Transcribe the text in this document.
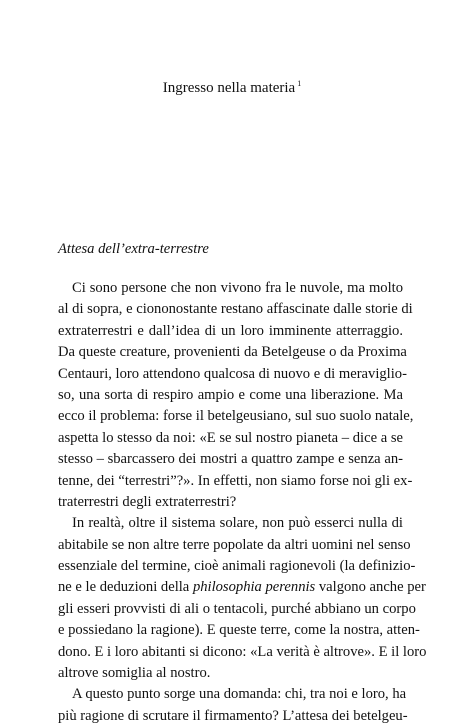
Ingresso nella materia $^1$
Attesa dell’extra-terrestre
Ci sono persone che non vivono fra le nuvole, ma molto
al di sopra, e ciononostante restano affascinate dalle storie di
extraterrestri e dall’idea di un loro imminente atterraggio.
Da queste creature, provenienti da Betelgeuse o da Proxima
Centauri, loro attendono qualcosa di nuovo e di meraviglio-
so, una sorta di respiro ampio e come una liberazione. Ma
ecco il problema: forse il betelgeusiano, sul suo suolo natale,
aspetta lo stesso da noi: «E se sul nostro pianeta – dice a se
stesso – sbarcassero dei mostri a quattro zampe e senza an-
tenne, dei “terrestri”?». In effetti, non siamo forse noi gli ex-
traterrestri degli extraterrestri?
In realtà, oltre il sistema solare, non può esserci nulla di
abitabile se non altre terre popolate da altri uomini nel senso
essenziale del termine, cioè animali ragionevoli (la definizio-
ne e le deduzioni della philosophia perennis valgono anche per
gli esseri provvisti di ali o tentacoli, purché abbiano un corpo
e possiedano la ragione). E queste terre, come la nostra, atten-
dono. E i loro abitanti si dicono: «La verità è altrove». E il loro
altrove somiglia al nostro.
A questo punto sorge una domanda: chi, tra noi e loro, ha
più ragione di scrutare il firmamento? L’attesa dei betelgeu-
